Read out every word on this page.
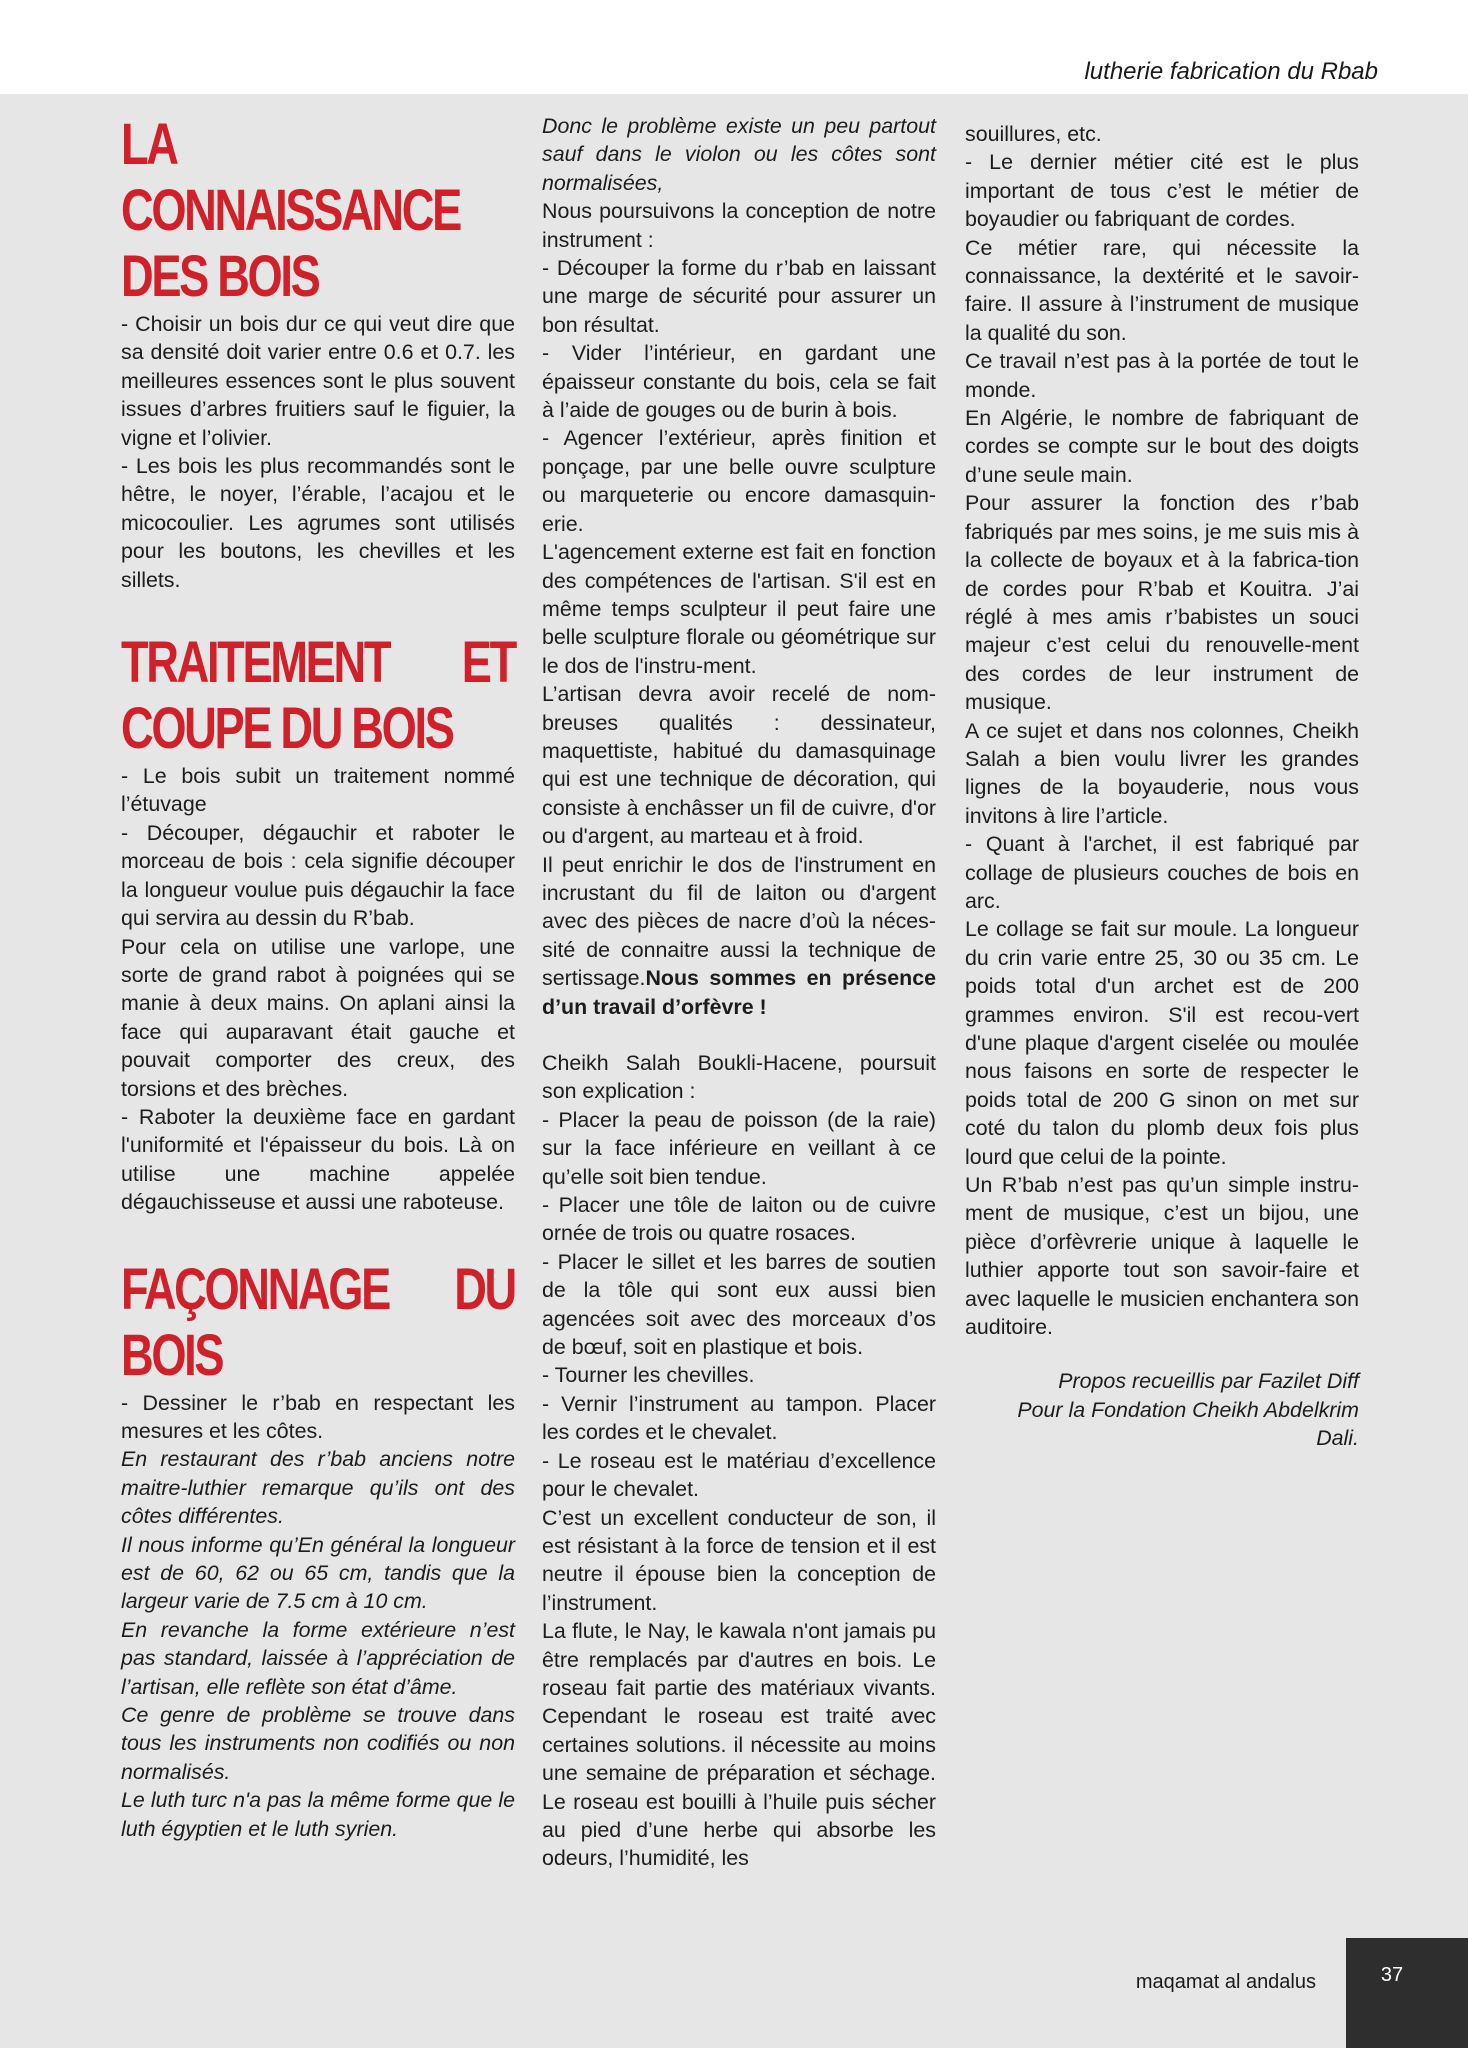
lutherie fabrication du Rbab
LA CONNAISSANCE
DES BOIS

- Choisir un bois dur ce qui veut dire que sa densité doit varier entre 0.6 et 0.7. les meilleures essences sont le plus souvent issues d’arbres fruitiers sauf le figuier, la vigne et l’olivier.

- Les bois les plus recommandés sont le hêtre, le noyer, l’érable, l’acajou et le micocoulier. Les agrumes sont utilisés pour les boutons, les chevilles et les sillets.

TRAITEMENT ET
COUPE DU BOIS

- Le bois subit un traitement nommé l’étuvage

- Découper, dégauchir et raboter le morceau de bois : cela signifie découper la longueur voulue puis dégauchir la face qui servira au dessin du R’bab.

Pour cela on utilise une varlope, une sorte de grand rabot à poignées qui se manie à deux mains. On aplani ainsi la face qui auparavant était gauche et pouvait comporter des creux, des torsions et des brèches.

- Raboter la deuxième face en gardant l'uniformité et l'épaisseur du bois. Là on utilise une machine appelée dégauchisseuse et aussi une raboteuse.

FAÇONNAGE DU
BOIS

- Dessiner le r’bab en respectant les mesures et les côtes.

En restaurant des r’bab anciens notre maitre-luthier remarque qu’ils ont des côtes différentes.

Il nous informe qu’En général la longueur est de 60, 62 ou 65 cm, tandis que la largeur varie de 7.5 cm à 10 cm.

En revanche la forme extérieure n’est pas standard, laissée à l’appréciation de l’artisan, elle reflète son état d’âme.

Ce genre de problème se trouve dans tous les instruments non codifiés ou non normalisés.

Le luth turc n'a pas la même forme que le luth égyptien et le luth syrien.

Donc le problème existe un peu partout sauf dans le violon ou les côtes sont normalisées,

Nous poursuivons la conception de notre instrument :

- Découper la forme du r’bab en laissant une marge de sécurité pour assurer un bon résultat.

- Vider l’intérieur, en gardant une épaisseur constante du bois, cela se fait à l’aide de gouges ou de burin à bois.

- Agencer l’extérieur, après finition et ponçage, par une belle ouvre sculpture ou marqueterie ou encore damasquin-erie.

L'agencement externe est fait en fonction des compétences de l'artisan. S'il est en même temps sculpteur il peut faire une belle sculpture florale ou géométrique sur le dos de l'instru-ment.

L’artisan devra avoir recelé de nom-breuses qualités : dessinateur, maquettiste, habitué du damasquinage qui est une technique de décoration, qui consiste à enchâsser un fil de cuivre, d'or ou d'argent, au marteau et à froid.

Il peut enrichir le dos de l'instrument en incrustant du fil de laiton ou d'argent avec des pièces de nacre d’où la néces-sité de connaitre aussi la technique de sertissage.Nous sommes en présence d’un travail d’orfèvre !

Cheikh Salah Boukli-Hacene, poursuit son explication :

- Placer la peau de poisson (de la raie) sur la face inférieure en veillant à ce qu’elle soit bien tendue.

- Placer une tôle de laiton ou de cuivre ornée de trois ou quatre rosaces.

- Placer le sillet et les barres de soutien de la tôle qui sont eux aussi bien agencées soit avec des morceaux d’os de bœuf, soit en plastique et bois.

- Tourner les chevilles.

- Vernir l’instrument au tampon. Placer les cordes et le chevalet.

- Le roseau est le matériau d’excellence pour le chevalet.

C’est un excellent conducteur de son, il est résistant à la force de tension et il est neutre il épouse bien la conception de l’instrument.

La flute, le Nay, le kawala n'ont jamais pu être remplacés par d'autres en bois. Le roseau fait partie des matériaux vivants. Cependant le roseau est traité avec certaines solutions. il nécessite au moins une semaine de préparation et séchage. Le roseau est bouilli à l’huile puis sécher au pied d’une herbe qui absorbe les odeurs, l’humidité, les

souillures, etc.

- Le dernier métier cité est le plus important de tous c’est le métier de boyaudier ou fabriquant de cordes.

Ce métier rare, qui nécessite la connaissance, la dextérité et le savoir-faire. Il assure à l’instrument de musique la qualité du son.

Ce travail n’est pas à la portée de tout le monde.

En Algérie, le nombre de fabriquant de cordes se compte sur le bout des doigts d’une seule main.

Pour assurer la fonction des r’bab fabriqués par mes soins, je me suis mis à la collecte de boyaux et à la fabrica-tion de cordes pour R’bab et Kouitra. J’ai réglé à mes amis r’babistes un souci majeur c’est celui du renouvelle-ment des cordes de leur instrument de musique.

A ce sujet et dans nos colonnes, Cheikh Salah a bien voulu livrer les grandes lignes de la boyauderie, nous vous invitons à lire l’article.

- Quant à l'archet, il est fabriqué par collage de plusieurs couches de bois en arc.

Le collage se fait sur moule. La longueur du crin varie entre 25, 30 ou 35 cm. Le poids total d'un archet est de 200 grammes environ. S'il est recou-vert d'une plaque d'argent ciselée ou moulée nous faisons en sorte de respecter le poids total de 200 G sinon on met sur coté du talon du plomb deux fois plus lourd que celui de la pointe.

Un R’bab n’est pas qu’un simple instru-ment de musique, c’est un bijou, une pièce d’orfèvrerie unique à laquelle le luthier apporte tout son savoir-faire et avec laquelle le musicien enchantera son auditoire.

Propos recueillis par Fazilet Diff
Pour la Fondation Cheikh Abdelkrim
Dali.
maqamat al andalus	37
